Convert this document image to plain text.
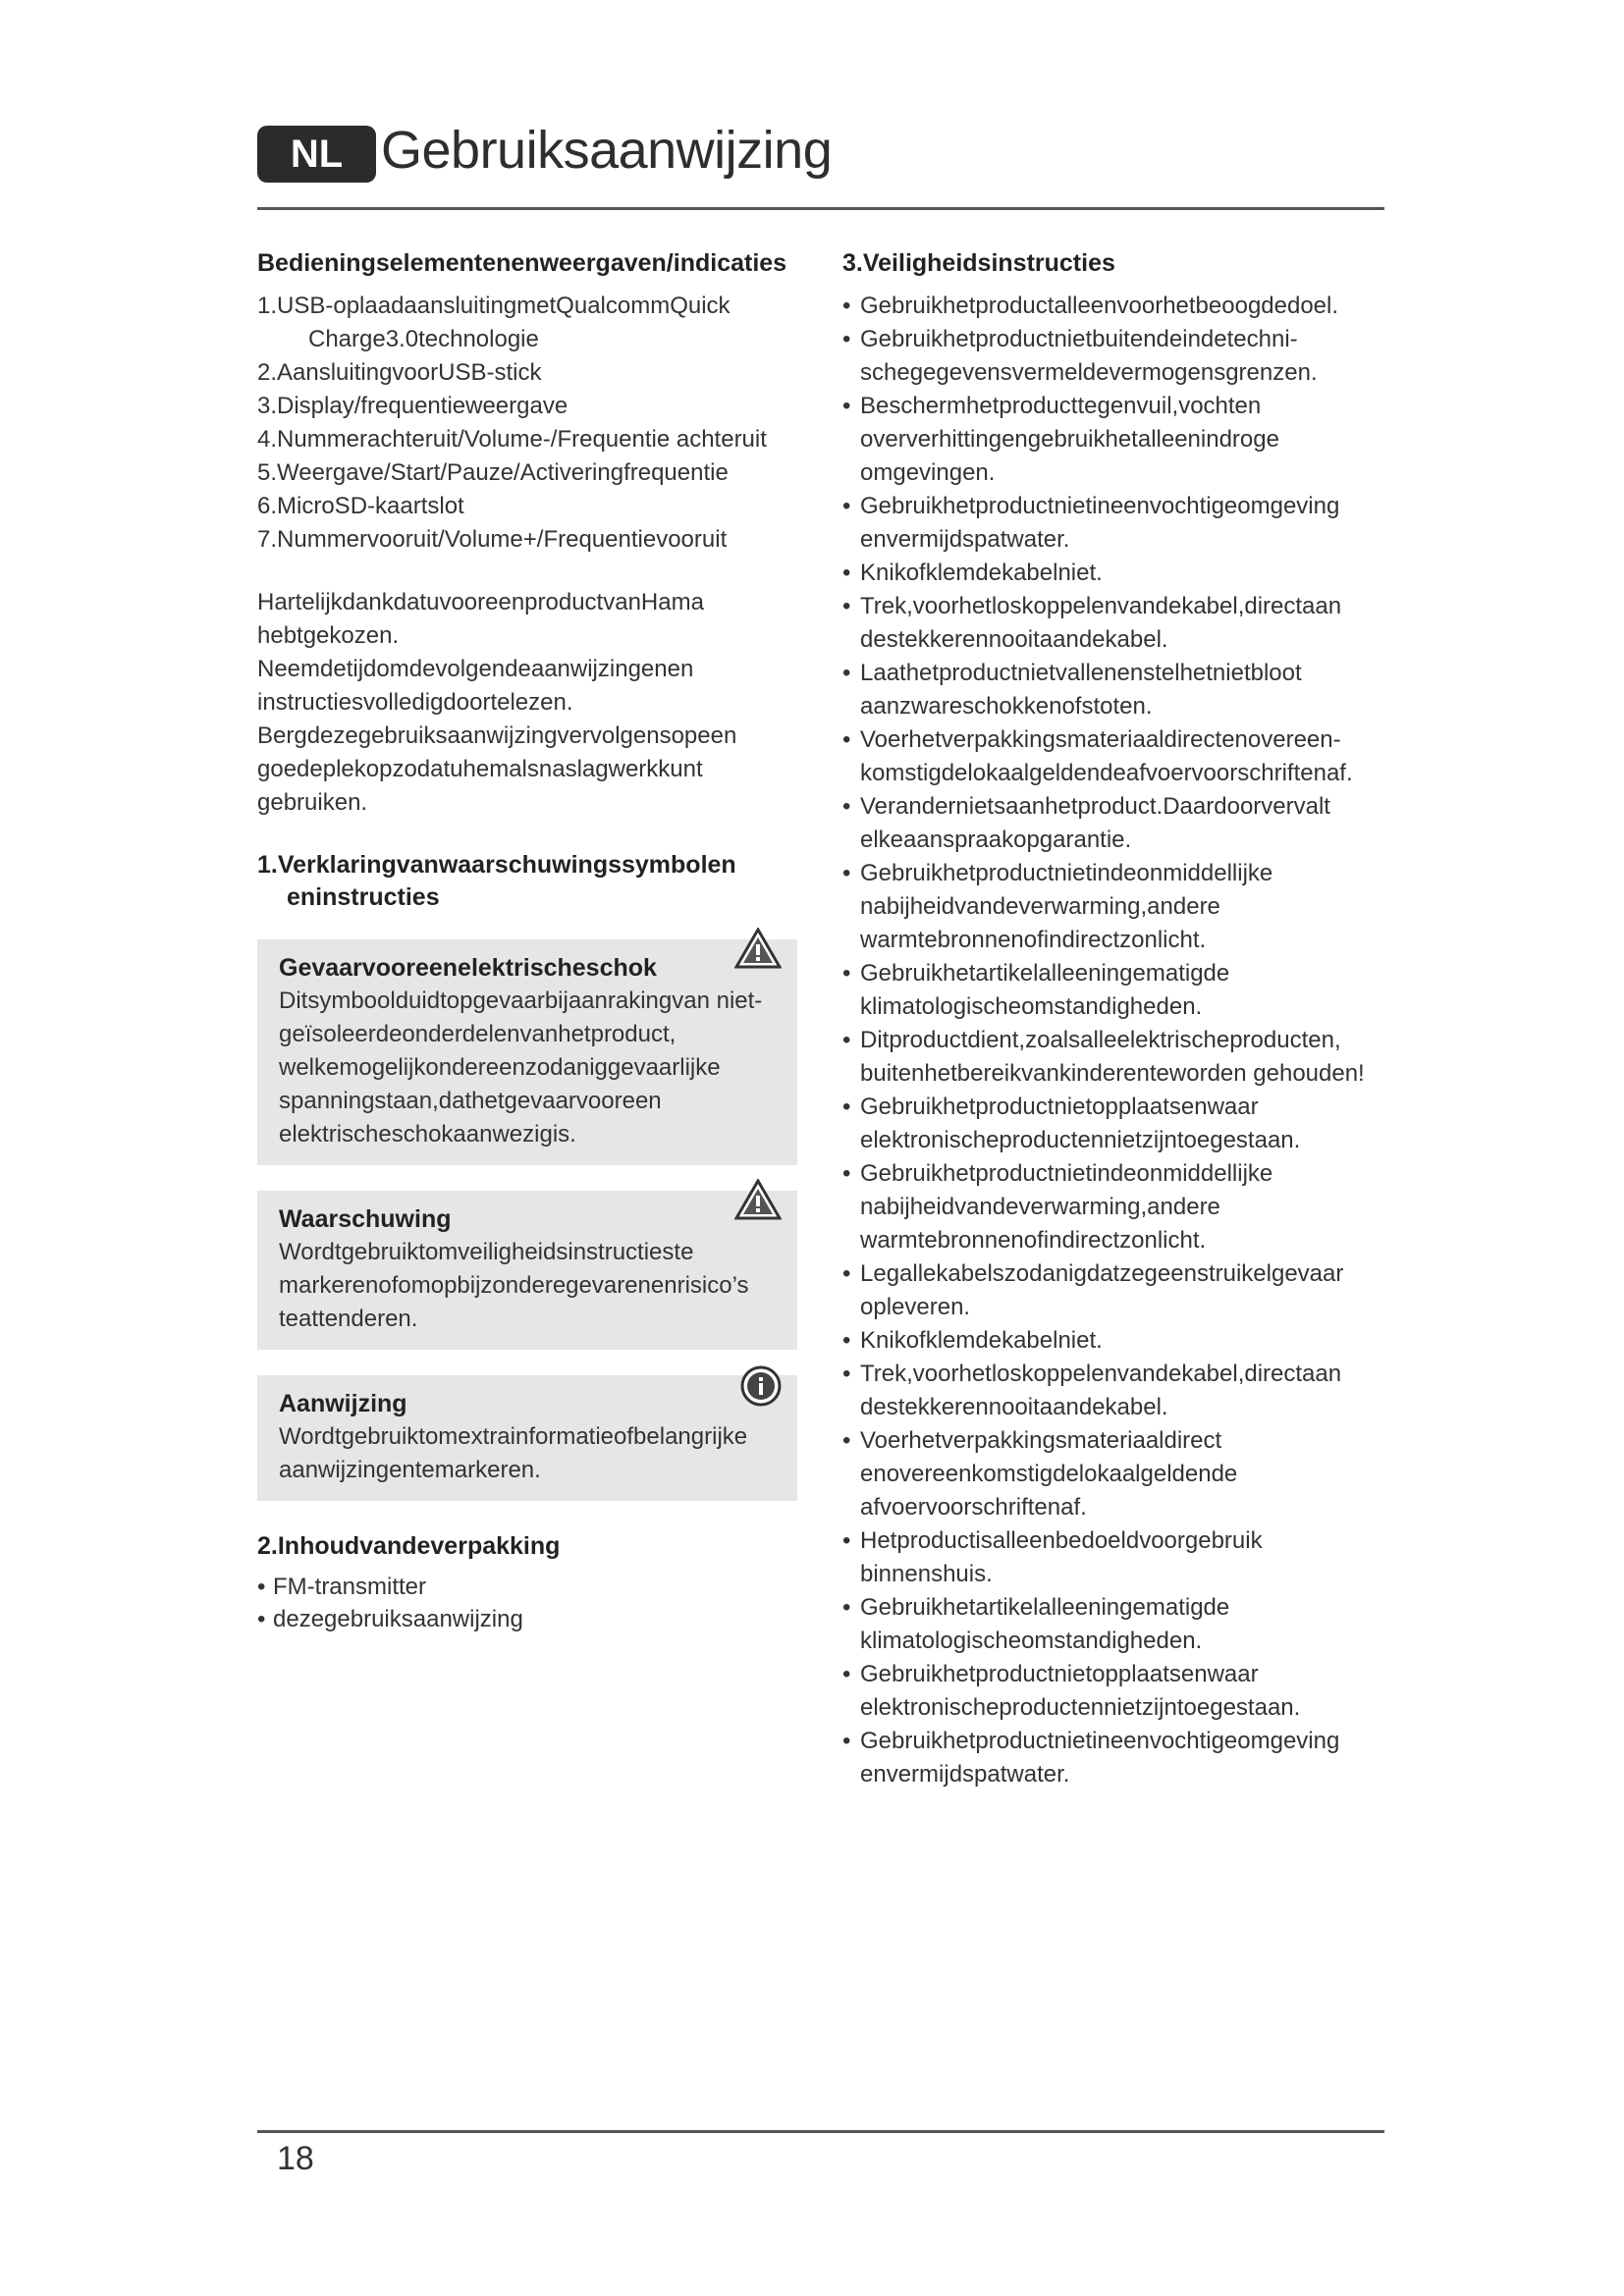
NL Gebruiksaanwijzing
Bedieningselementenenweergaven/indicaties
1.USB-oplaadaansluitingmetQualcommQuick Charge3.0technologie
2.AansluitingvoorUSB-stick
3.Display/frequentieweergave
4.Nummerachteruit/Volume-/Frequentie achteruit
5.Weergave/Start/Pauze/Activeringfrequentie
6.MicroSD-kaartslot
7.Nummervooruit/Volume+/Frequentievooruit

HartelijkdankdatuvooreenproductvanHama hebtgekozen.

Neemdetijdomdevolgendeaanwijzingenen instructiesvolledigdoortelezen.

Bergdezegebruiksaanwijzingvervolgensopeen goedeplekopzodatuhemalsnaslagwerkkunt gebruiken.

1.Verklaringvanwaarschuwingssymbolen eninstructies
Gevaarvooreenelektrischeschok
Ditsymboolduidtopgevaarbijaanrakingvan niet-geïsoleerdeonderdelenvanhetproduct, welkemogelijkondereenzodaniggevaarlijke spanningstaan,dathetgevaarvooreen elektrischeschokaanwezigis.
Waarschuwing
Wordtgebruiktomveiligheidsinstructieste markerenofomopbijzonderegevarenenrisico’s teattenderen.
Aanwijzing
Wordtgebruiktomextrainformatieofbelangrijke aanwijzingentemarkeren.
2.Inhoudvandeverpakking
• FM-transmitter
• dezegebruiksaanwijzing
3.Veiligheidsinstructies
• Gebruikhetproductalleenvoorhetbeoogdedoel.
• Gebruikhetproductnietbuitendeindetechni- schegegevensvermeldevermogensgrenzen.
• Beschermhetproducttegenvuil,vochten oververhittingengebruikhetalleenindroge omgevingen.
• Gebruikhetproductnietineenvochtigeomgeving envermijdspatwater.
• Knikofklemdekabelniet.
• Trek,voorhetloskoppelenvandekabel,directaan destekkerennooitaandekabel.
• Laathetproductnietvallenenstelhetnietbloot aanzwareschokkenofstoten.
• Voerhetverpakkingsmateriaaldirectenovereen- komstigdelokaalgeldendeafvoervoorschriftenaf.
• Verandernietsaanhetproduct.Daardoorvervalt elkeaanspraakopgarantie.
• Gebruikhetproductnietindeonmiddellijke nabijheidvandeverwarming,andere warmtebronnenofindirectzonlicht.
• Gebruikhetartikelalleeningematigde klimatologischeomstandigheden.
• Ditproductdient,zoalsalleelektrischeproducten, buitenhetbereikvankinderenteworden gehouden!
• Gebruikhetproductnietopplaatsenwaar elektronischeproductennietzijntoegestaan.
• Gebruikhetproductnietindeonmiddellijke nabijheidvandeverwarming,andere warmtebronnenofindirectzonlicht.
• Legallekabelszodanigdatzegeenstruikelgevaar opleveren.
• Knikofklemdekabelniet.
• Trek,voorhetloskoppelenvandekabel,directaan destekkerennooitaandekabel.
• Voerhetverpakkingsmateriaaldirect enovereenkomstigdelokaalgeldende afvoervoorschriftenaf.
• Hetproductisalleenbedoeldvoorgebruik binnenshuis.
• Gebruikhetartikelalleeningematigde klimatologischeomstandigheden.
• Gebruikhetproductnietopplaatsenwaar elektronischeproductennietzijntoegestaan.
• Gebruikhetproductnietineenvochtigeomgeving envermijdspatwater.
18
